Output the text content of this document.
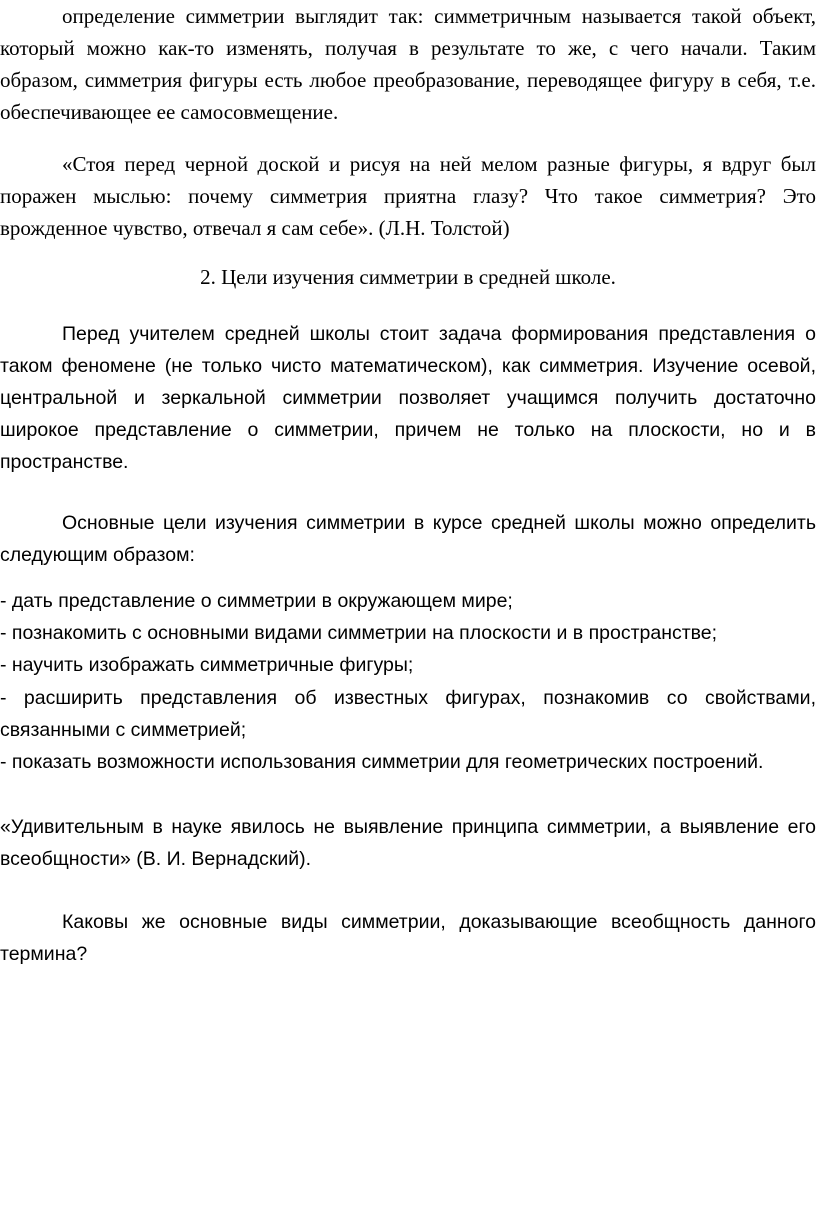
определение симметрии выглядит так: симметричным называется такой объект, который можно как-то изменять, получая в результате то же, с чего начали. Таким образом, симметрия фигуры есть любое преобразование, переводящее фигуру в себя, т.е. обеспечивающее ее самосовмещение.

«Стоя перед черной доской и рисуя на ней мелом разные фигуры, я вдруг был поражен мыслью: почему симметрия приятна глазу? Что такое симметрия? Это врожденное чувство, отвечал я сам себе». (Л.Н. Толстой)

2. Цели изучения симметрии в средней школе.

Перед учителем средней школы стоит задача формирования представления о таком феномене (не только чисто математическом), как симметрия. Изучение осевой, центральной и зеркальной симметрии позволяет учащимся получить достаточно широкое представление о симметрии, причем не только на плоскости, но и в пространстве.

Основные цели изучения симметрии в курсе средней школы можно определить следующим образом:

- дать представление о симметрии в окружающем мире;

- познакомить с основными видами симметрии на плоскости и в пространстве;

- научить изображать симметричные фигуры;

- расширить представления об известных фигурах, познакомив со свойствами, связанными с симметрией;

- показать возможности использования симметрии для геометрических построений.

«Удивительным в науке явилось не выявление принципа симметрии, а выявление его всеобщности» (В. И. Вернадский).

Каковы же основные виды симметрии, доказывающие всеобщность данного термина?
